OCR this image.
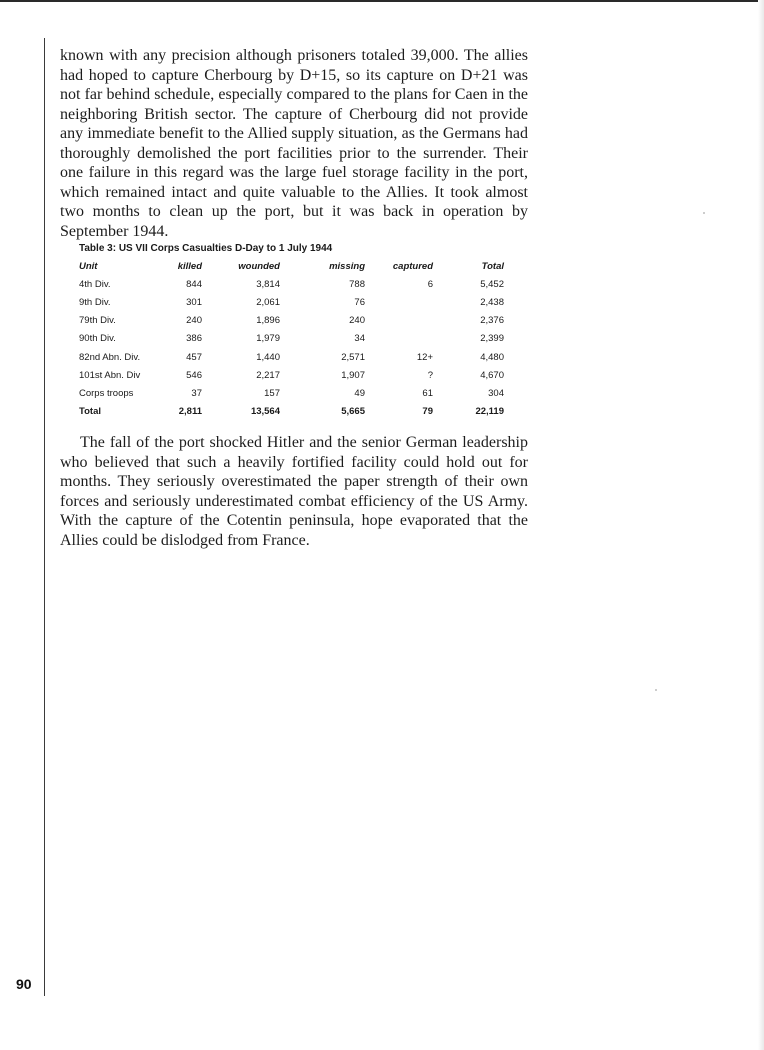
known with any precision although prisoners totaled 39,000. The allies had hoped to capture Cherbourg by D+15, so its capture on D+21 was not far behind schedule, especially compared to the plans for Caen in the neighboring British sector. The capture of Cherbourg did not provide any immediate benefit to the Allied supply situation, as the Germans had thoroughly demolished the port facilities prior to the surrender. Their one failure in this regard was the large fuel storage facility in the port, which remained intact and quite valuable to the Allies. It took almost two months to clean up the port, but it was back in operation by September 1944.

Table 3: US VII Corps Casualties D-Day to 1 July 1944
Unit	killed	wounded	missing	captured	Total
4th Div.	844	3,814	788	6	5,452
9th Div.	301	2,061	76		2,438
79th Div.	240	1,896	240		2,376
90th Div.	386	1,979	34		2,399
82nd Abn. Div.	457	1,440	2,571	12+	4,480
101st Abn. Div	546	2,217	1,907	?	4,670
Corps troops	37	157	49	61	304
Total	2,811	13,564	5,665	79	22,119

The fall of the port shocked Hitler and the senior German leadership who believed that such a heavily fortified facility could hold out for months. They seriously overestimated the paper strength of their own forces and seriously underestimated combat efficiency of the US Army. With the capture of the Cotentin peninsula, hope evaporated that the Allies could be dislodged from France.

90
